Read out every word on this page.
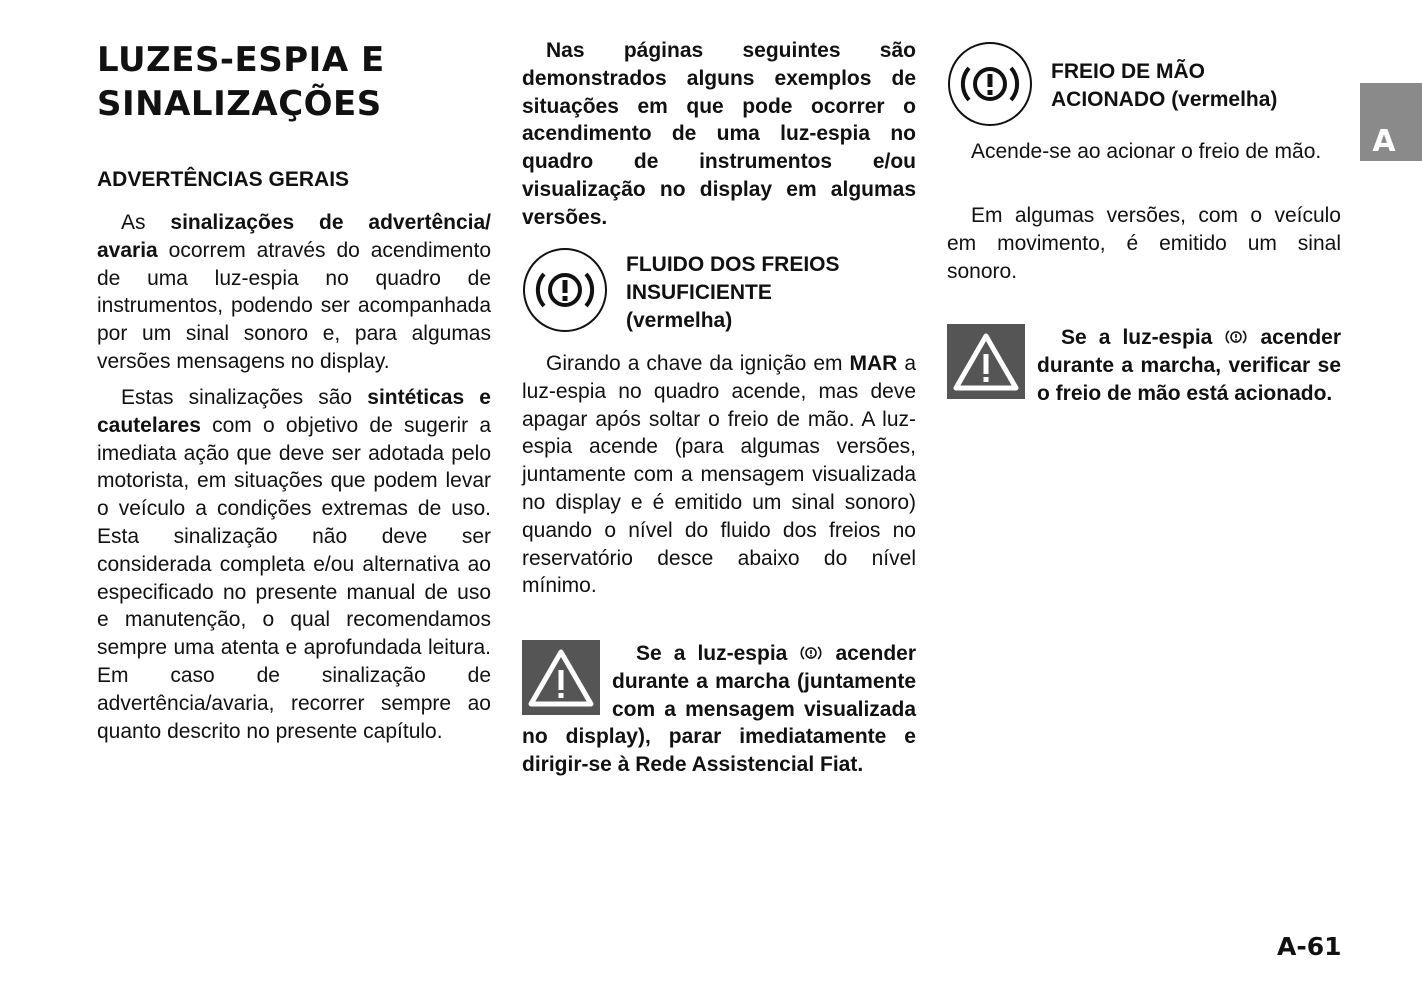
LUZES-ESPIA E
SINALIZAÇÕES
ADVERTÊNCIAS GERAIS

As sinalizações de advertência/ avaria ocorrem através do acendimento de uma luz-espia no quadro de instrumentos, podendo ser acompanhada por um sinal sonoro e, para algumas versões mensagens no display.

Estas sinalizações são sintéticas e cautelares com o objetivo de sugerir a imediata ação que deve ser adotada pelo motorista, em situações que podem levar o veículo a condições extremas de uso. Esta sinalização não deve ser considerada completa e/ou alternativa ao especificado no presente manual de uso e manutenção, o qual recomendamos sempre uma atenta e aprofundada leitura. Em caso de sinalização de advertência/avaria, recorrer sempre ao quanto descrito no presente capítulo.

Nas páginas seguintes são demonstrados alguns exemplos de situações em que pode ocorrer o acendimento de uma luz-espia no quadro de instrumentos e/ou visualização no display em algumas versões.

FLUIDO DOS FREIOS
INSUFICIENTE
(vermelha)

Girando a chave da ignição em MAR a luz-espia no quadro acende, mas deve apagar após soltar o freio de mão. A luz-espia acende (para algumas versões, juntamente com a mensagem visualizada no display e é emitido um sinal sonoro) quando o nível do fluido dos freios no reservatório desce abaixo do nível mínimo.

Se a luz-espia acender durante a marcha (juntamente com a mensagem visualizada no display), parar imediatamente e dirigir-se à Rede Assistencial Fiat.

FREIO DE MÃO
ACIONADO (vermelha)

Acende-se ao acionar o freio de mão.

Em algumas versões, com o veículo em movimento, é emitido um sinal sonoro.

Se a luz-espia acender durante a marcha, verificar se o freio de mão está acionado.

A
A-61
